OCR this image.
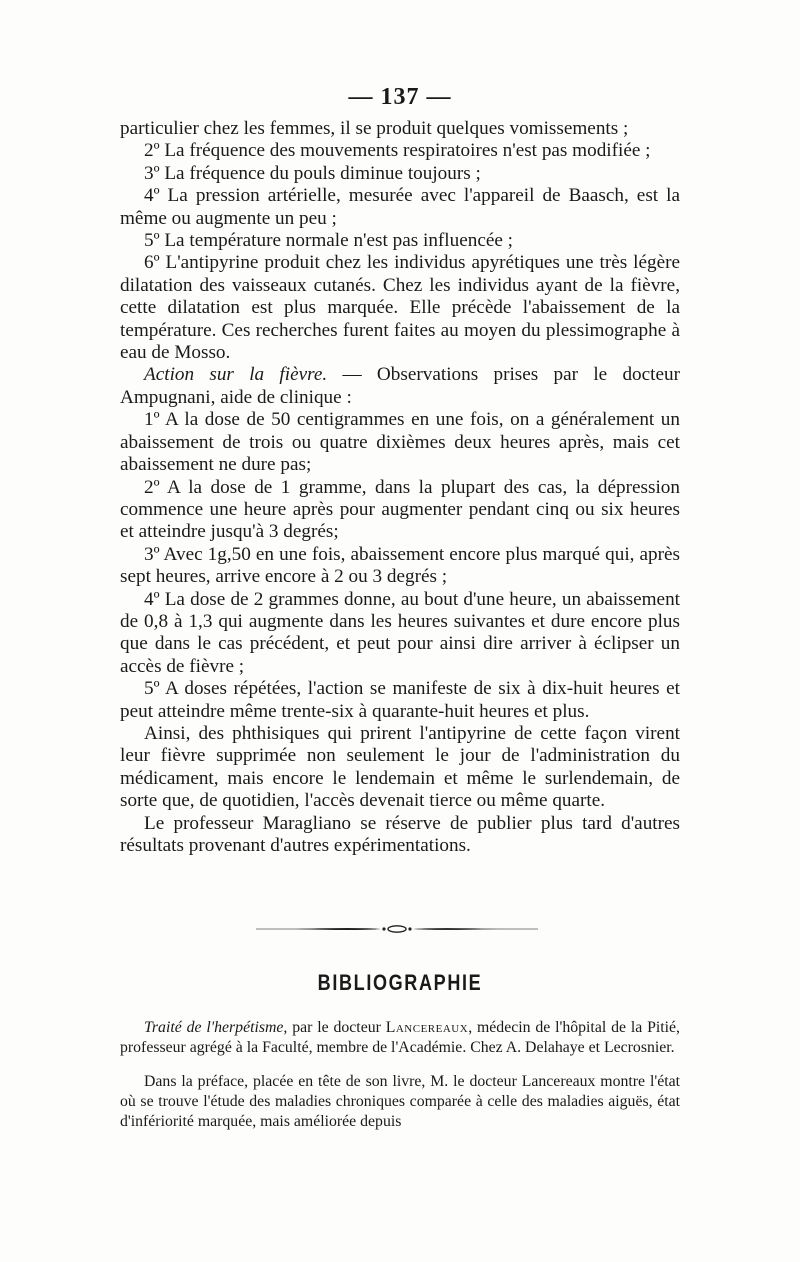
— 137 —

particulier chez les femmes, il se produit quelques vomissements ;

2º La fréquence des mouvements respiratoires n'est pas modifiée ;

3º La fréquence du pouls diminue toujours ;

4º La pression artérielle, mesurée avec l'appareil de Baasch, est la même ou augmente un peu ;

5º La température normale n'est pas influencée ;

6º L'antipyrine produit chez les individus apyrétiques une très légère dilatation des vaisseaux cutanés. Chez les individus ayant de la fièvre, cette dilatation est plus marquée. Elle précède l'abaissement de la température. Ces recherches furent faites au moyen du plessimographe à eau de Mosso.

Action sur la fièvre. — Observations prises par le docteur Ampugnani, aide de clinique :

1º A la dose de 50 centigrammes en une fois, on a généralement un abaissement de trois ou quatre dixièmes deux heures après, mais cet abaissement ne dure pas;

2º A la dose de 1 gramme, dans la plupart des cas, la dépression commence une heure après pour augmenter pendant cinq ou six heures et atteindre jusqu'à 3 degrés;

3º Avec 1g,50 en une fois, abaissement encore plus marqué qui, après sept heures, arrive encore à 2 ou 3 degrés ;

4º La dose de 2 grammes donne, au bout d'une heure, un abaissement de 0,8 à 1,3 qui augmente dans les heures suivantes et dure encore plus que dans le cas précédent, et peut pour ainsi dire arriver à éclipser un accès de fièvre ;

5º A doses répétées, l'action se manifeste de six à dix-huit heures et peut atteindre même trente-six à quarante-huit heures et plus.

Ainsi, des phthisiques qui prirent l'antipyrine de cette façon virent leur fièvre supprimée non seulement le jour de l'administration du médicament, mais encore le lendemain et même le surlendemain, de sorte que, de quotidien, l'accès devenait tierce ou même quarte.

Le professeur Maragliano se réserve de publier plus tard d'autres résultats provenant d'autres expérimentations.

BIBLIOGRAPHIE

Traité de l'herpétisme, par le docteur Lancereaux, médecin de l'hôpital de la Pitié, professeur agrégé à la Faculté, membre de l'Académie. Chez A. Delahaye et Lecrosnier.

Dans la préface, placée en tête de son livre, M. le docteur Lancereaux montre l'état où se trouve l'étude des maladies chroniques comparée à celle des maladies aiguës, état d'infériorité marquée, mais améliorée depuis
